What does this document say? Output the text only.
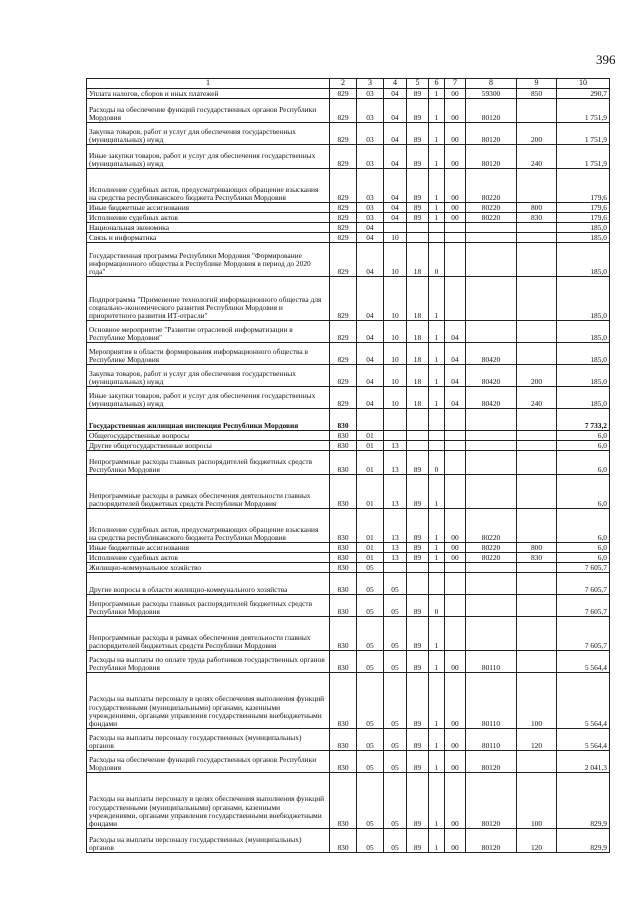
396
1	2	3	4	5	6	7	8	9	10
Уплата налогов, сборов и иных платежей	829	03	04	89	1	00	59300	850	290,7
Расходы на обеспечение функций государственных органов Республики Мордовия	829	03	04	89	1	00	80120		1 751,9
Закупка товаров, работ и услуг для обеспечения государственных (муниципальных) нужд	829	03	04	89	1	00	80120	200	1 751,9
Иные закупки товаров, работ и услуг для обеспечения государственных (муниципальных) нужд	829	03	04	89	1	00	80120	240	1 751,9
Исполнение судебных актов, предусматривающих обращение взыскания на средства республиканского бюджета Республики Мордовия	829	03	04	89	1	00	80220		179,6
Иные бюджетные ассигнования	829	03	04	89	1	00	80220	800	179,6
Исполнение судебных актов	829	03	04	89	1	00	80220	830	179,6
Национальная экономика	829	04							185,0
Связь и информатика	829	04	10						185,0
Государственная программа Республики Мордовия "Формирование информационного общества в Республике Мордовия в период до 2020 года"	829	04	10	18	0				185,0
Подпрограмма "Применение технологий информационного общества для социально-экономического развития Республики Мордовия и приоритетного развития ИТ-отрасли"	829	04	10	18	1				185,0
Основное мероприятие "Развитие отраслевой информатизации в Республике Мордовия"	829	04	10	18	1	04			185,0
Мероприятия в области формирования информационного общества в Республике Мордовия	829	04	10	18	1	04	80420		185,0
Закупка товаров, работ и услуг для обеспечения государственных (муниципальных) нужд	829	04	10	18	1	04	80420	200	185,0
Иные закупки товаров, работ и услуг для обеспечения государственных (муниципальных) нужд	829	04	10	18	1	04	80420	240	185,0
Государственная жилищная инспекция Республики Мордовия	830								7 733,2
Общегосударственные вопросы	830	01							6,0
Другие общегосударственные вопросы	830	01	13						6,0
Непрограммные расходы главных распорядителей бюджетных средств Республики Мордовия	830	01	13	89	0				6,0
Непрограммные расходы в рамках обеспечения деятельности главных распорядителей бюджетных средств Республики Мордовия	830	01	13	89	1				6,0
Исполнение судебных актов, предусматривающих обращение взыскания на средства республиканского бюджета Республики Мордовия	830	01	13	89	1	00	80220		6,0
Иные бюджетные ассигнования	830	01	13	89	1	00	80220	800	6,0
Исполнение судебных актов	830	01	13	89	1	00	80220	830	6,0
Жилищно-коммунальное хозяйство	830	05							7 605,7
Другие вопросы в области жилищно-коммунального хозяйства	830	05	05						7 605,7
Непрограммные расходы главных распорядителей бюджетных средств Республики Мордовия	830	05	05	89	0				7 605,7
Непрограммные расходы в рамках обеспечения деятельности главных распорядителей бюджетных средств Республики Мордовия	830	05	05	89	1				7 605,7
Расходы на выплаты по оплате труда работников государственных органов Республики Мордовия	830	05	05	89	1	00	80110		5 564,4
Расходы на выплаты персоналу в целях обеспечения выполнения функций государственными (муниципальными) органами, казенными учреждениями, органами управления государственными внебюджетными фондами	830	05	05	89	1	00	80110	100	5 564,4
Расходы на выплаты персоналу государственных (муниципальных) органов	830	05	05	89	1	00	80110	120	5 564,4
Расходы на обеспечение функций государственных органов Республики Мордовия	830	05	05	89	1	00	80120		2 041,3
Расходы на выплаты персоналу в целях обеспечения выполнения функций государственными (муниципальными) органами, казенными учреждениями, органами управления государственными внебюджетными фондами	830	05	05	89	1	00	80120	100	829,9
Расходы на выплаты персоналу государственных (муниципальных) органов	830	05	05	89	1	00	80120	120	829,9
